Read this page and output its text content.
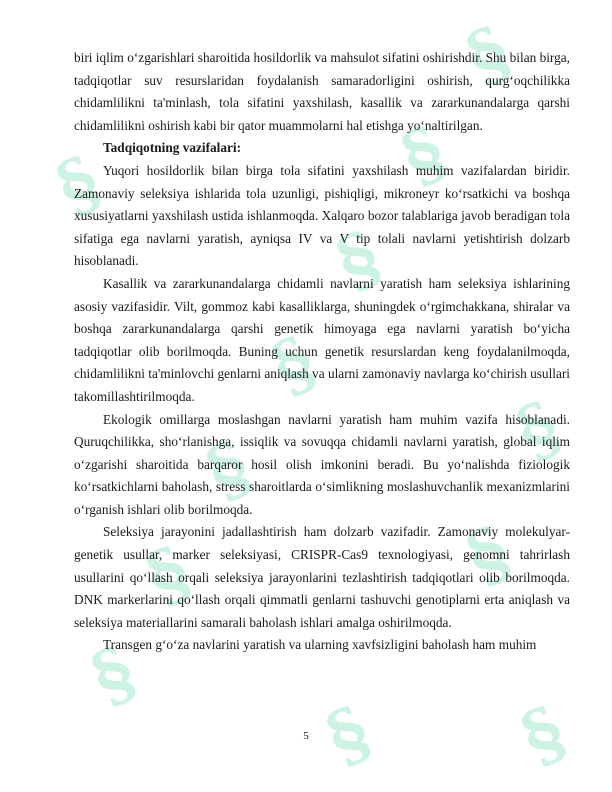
§
§
§
§
§
§
§
§
§
§
§
§

biri iqlim o‘zgarishlari sharoitida hosildorlik va mahsulot sifatini oshirishdir. Shu bilan birga, tadqiqotlar suv resurslaridan foydalanish samaradorligini oshirish, qurg‘oqchilikka chidamlilikni ta'minlash, tola sifatini yaxshilash, kasallik va zararkunandalarga qarshi chidamlilikni oshirish kabi bir qator muammolarni hal etishga yo‘naltirilgan.

Tadqiqotning vazifalari:

Yuqori hosildorlik bilan birga tola sifatini yaxshilash muhim vazifalardan biridir. Zamonaviy seleksiya ishlarida tola uzunligi, pishiqligi, mikroneyr ko‘rsatkichi va boshqa xususiyatlarni yaxshilash ustida ishlanmoqda. Xalqaro bozor talablariga javob beradigan tola sifatiga ega navlarni yaratish, ayniqsa IV va V tip tolali navlarni yetishtirish dolzarb hisoblanadi.

Kasallik va zararkunandalarga chidamli navlarni yaratish ham seleksiya ishlarining asosiy vazifasidir. Vilt, gommoz kabi kasalliklarga, shuningdek o‘rgimchakkana, shiralar va boshqa zararkunandalarga qarshi genetik himoyaga ega navlarni yaratish bo‘yicha tadqiqotlar olib borilmoqda. Buning uchun genetik resurslardan keng foydalanilmoqda, chidamlilikni ta'minlovchi genlarni aniqlash va ularni zamonaviy navlarga ko‘chirish usullari takomillashtirilmoqda.

Ekologik omillarga moslashgan navlarni yaratish ham muhim vazifa hisoblanadi. Quruqchilikka, sho‘rlanishga, issiqlik va sovuqqa chidamli navlarni yaratish, global iqlim o‘zgarishi sharoitida barqaror hosil olish imkonini beradi. Bu yo‘nalishda fiziologik ko‘rsatkichlarni baholash, stress sharoitlarda o‘simlikning moslashuvchanlik mexanizmlarini o‘rganish ishlari olib borilmoqda.

Seleksiya jarayonini jadallashtirish ham dolzarb vazifadir. Zamonaviy molekulyar-genetik usullar, marker seleksiyasi, CRISPR-Cas9 texnologiyasi, genomni tahrirlash usullarini qo‘llash orqali seleksiya jarayonlarini tezlashtirish tadqiqotlari olib borilmoqda. DNK markerlarini qo‘llash orqali qimmatli genlarni tashuvchi genotiplarni erta aniqlash va seleksiya materiallarini samarali baholash ishlari amalga oshirilmoqda.

Transgen g‘o‘za navlarini yaratish va ularning xavfsizligini baholash ham muhim

5
